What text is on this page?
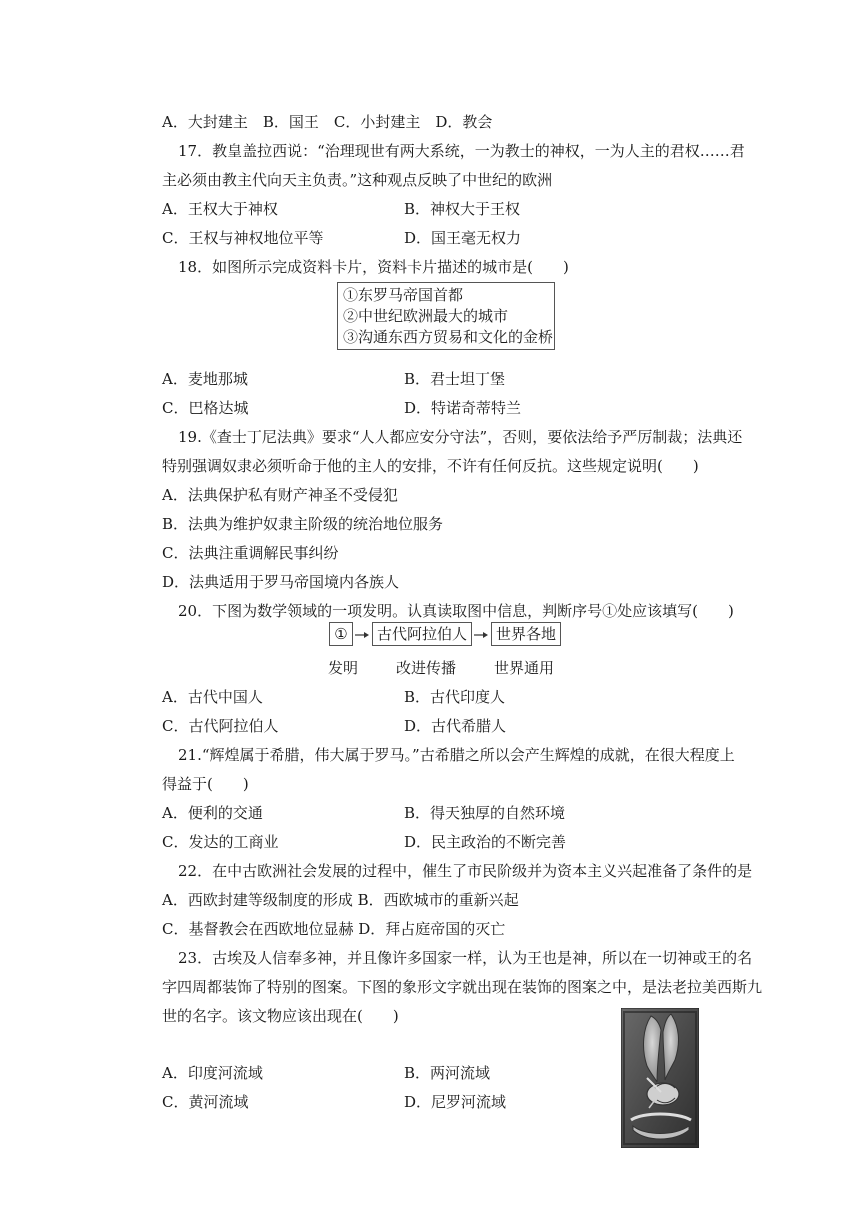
A．大封建主　B．国王　C．小封建主　D．教会
17．教皇盖拉西说：“治理现世有两大系统，一为教士的神权，一为人主的君权……君
主必须由教主代向天主负责。”这种观点反映了中世纪的欧洲
A．王权大于神权	B．神权大于王权
C．王权与神权地位平等	D．国王毫无权力
18．如图所示完成资料卡片，资料卡片描述的城市是(　　)
①东罗马帝国首都
②中世纪欧洲最大的城市
③沟通东西方贸易和文化的金桥
A．麦地那城	B．君士坦丁堡
C．巴格达城	D．特诺奇蒂特兰
19.《查士丁尼法典》要求“人人都应安分守法”，否则，要依法给予严厉制裁；法典还
特别强调奴隶必须听命于他的主人的安排，不许有任何反抗。这些规定说明(　　)
A．法典保护私有财产神圣不受侵犯
B．法典为维护奴隶主阶级的统治地位服务
C．法典注重调解民事纠纷
D．法典适用于罗马帝国境内各族人
20．下图为数学领域的一项发明。认真读取图中信息，判断序号①处应该填写(　　)
①	古代阿拉伯人	世界各地
发明	改进传播	世界通用
A．古代中国人	B．古代印度人
C．古代阿拉伯人	D．古代希腊人
21.“辉煌属于希腊，伟大属于罗马。”古希腊之所以会产生辉煌的成就，在很大程度上
得益于(　　)
A．便利的交通	B．得天独厚的自然环境
C．发达的工商业	D．民主政治的不断完善
22．在中古欧洲社会发展的过程中，催生了市民阶级并为资本主义兴起准备了条件的是
A．西欧封建等级制度的形成 B．西欧城市的重新兴起
C．基督教会在西欧地位显赫 D．拜占庭帝国的灭亡
23．古埃及人信奉多神，并且像许多国家一样，认为王也是神，所以在一切神或王的名
字四周都装饰了特别的图案。下图的象形文字就出现在装饰的图案之中，是法老拉美西斯九
世的名字。该文物应该出现在(　　)
A．印度河流域	B．两河流域
C．黄河流域	D．尼罗河流域
